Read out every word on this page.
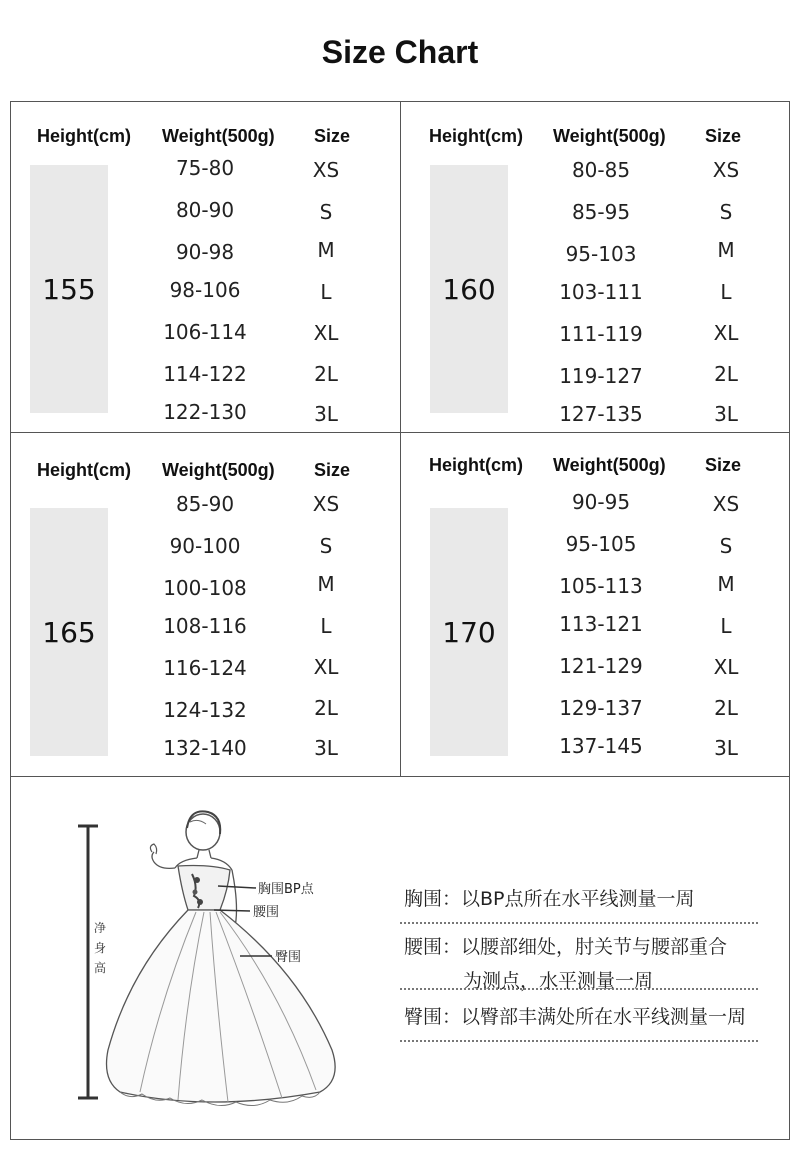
Size Chart
Height(cm) Weight(500g) Size
155
75-80	XS
80-90	S
90-98	M
98-106	L
106-114	XL
114-122	2L
122-130	3L
Height(cm) Weight(500g) Size
160
80-85	XS
85-95	S
95-103	M
103-111	L
111-119	XL
119-127	2L
127-135	3L
Height(cm) Weight(500g) Size
165
85-90	XS
90-100	S
100-108	M
108-116	L
116-124	XL
124-132	2L
132-140	3L
Height(cm) Weight(500g) Size
170
90-95	XS
95-105	S
105-113	M
113-121	L
121-129	XL
129-137	2L
137-145	3L
胸围BP点
腰围
臀围
净 身 高
胸围：以BP点所在水平线测量一周
腰围：以腰部细处，肘关节与腰部重合
为测点，水平测量一周
臀围：以臀部丰满处所在水平线测量一周
